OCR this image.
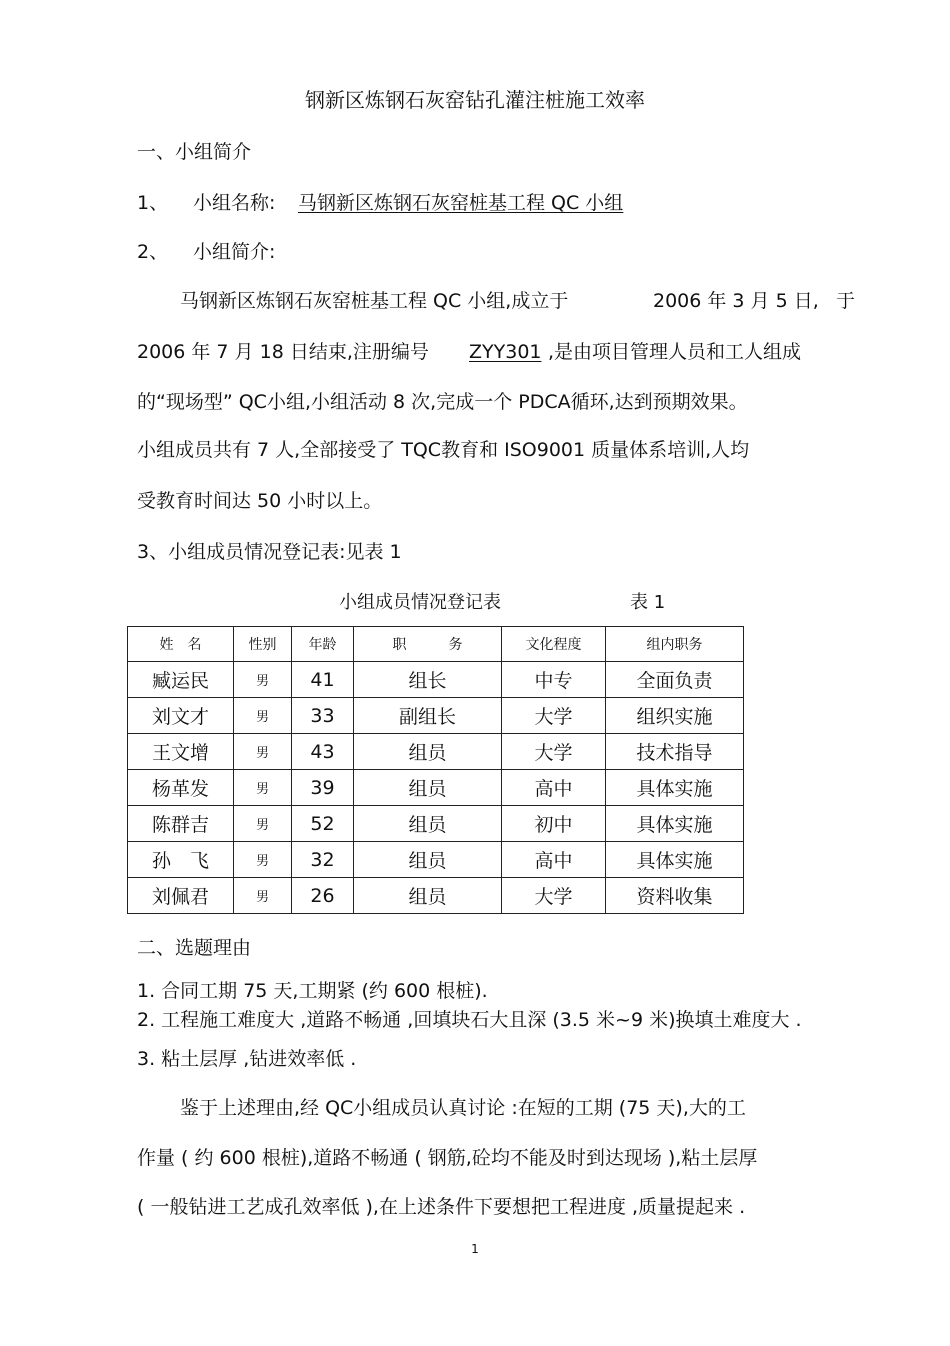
钢新区炼钢石灰窑钻孔灌注桩施工效率
一、小组简介
1、 小组名称: 马钢新区炼钢石灰窑桩基工程 QC 小组
2、 小组简介:
马钢新区炼钢石灰窑桩基工程 QC 小组,成立于	2006 年 3 月 5 日, 于
2006 年 7 月 18 日结束,注册编号 ZYY301 ,是由项目管理人员和工人组成
的“现场型” QC小组,小组活动 8 次,完成一个 PDCA循环,达到预期效果。
小组成员共有 7 人,全部接受了 TQC教育和 ISO9001 质量体系培训,人均
受教育时间达 50 小时以上。
3、小组成员情况登记表:见表 1
小组成员情况登记表	表 1
姓　名	性别	年龄	职　　　务	文化程度	组内职务
臧运民	男	41	组长	中专	全面负责
刘文才	男	33	副组长	大学	组织实施
王文增	男	43	组员	大学	技术指导
杨革发	男	39	组员	高中	具体实施
陈群吉	男	52	组员	初中	具体实施
孙　飞	男	32	组员	高中	具体实施
刘佩君	男	26	组员	大学	资料收集
二、选题理由
1. 合同工期 75 天,工期紧 (约 600 根桩).
2. 工程施工难度大 ,道路不畅通 ,回填块石大且深 (3.5 米~9 米)换填土难度大 .
3. 粘土层厚 ,钻进效率低 .
鉴于上述理由,经 QC小组成员认真讨论 :在短的工期 (75 天),大的工
作量 ( 约 600 根桩),道路不畅通 ( 钢筋,砼均不能及时到达现场 ),粘土层厚
( 一般钻进工艺成孔效率低 ),在上述条件下要想把工程进度 ,质量提起来 .
1
